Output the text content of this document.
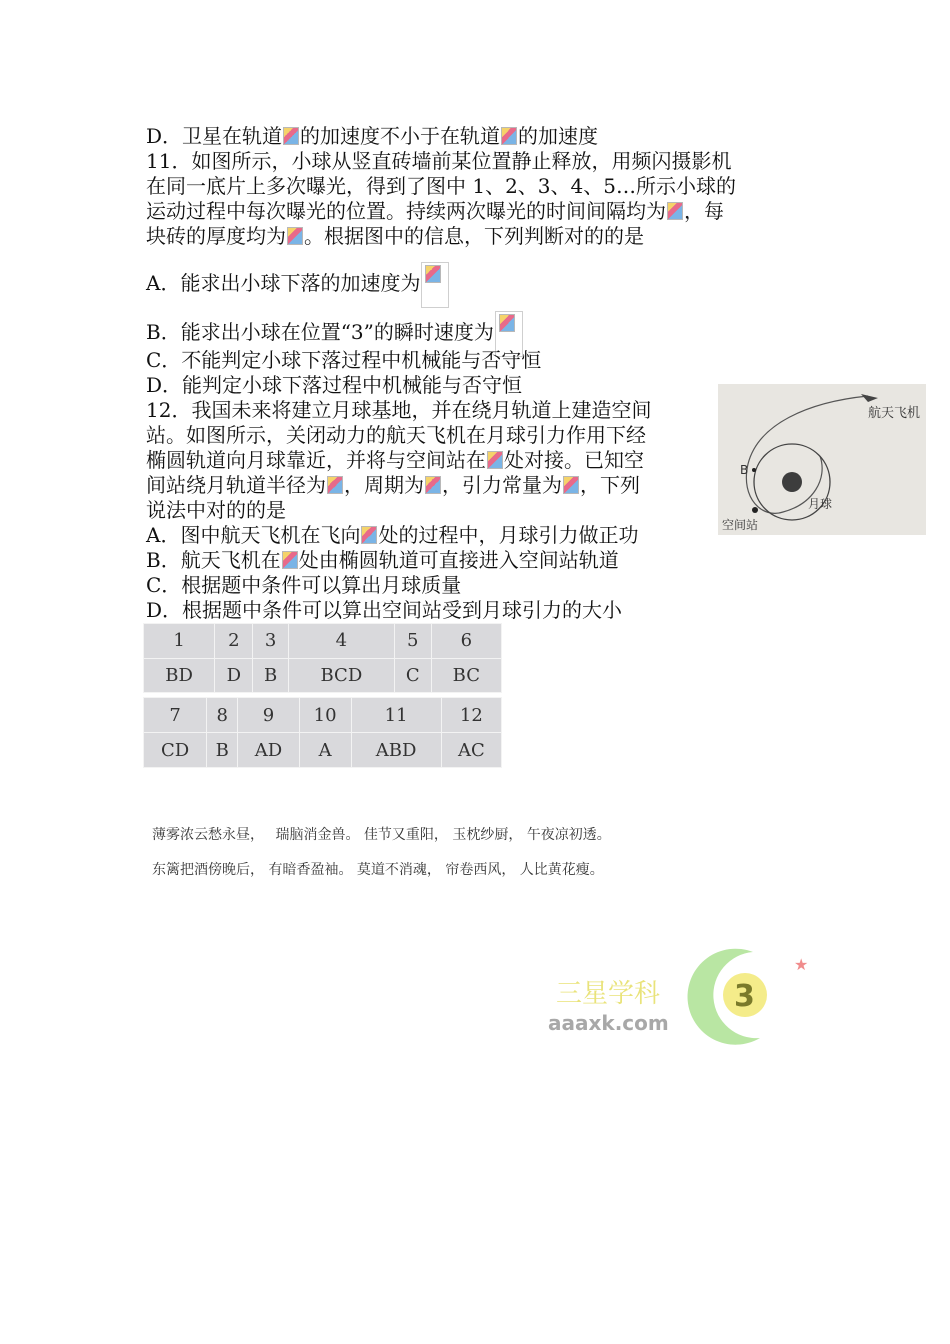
D．卫星在轨道 的加速度不小于在轨道 的加速度
11．如图所示，小球从竖直砖墙前某位置静止释放，用频闪摄影机
在同一底片上多次曝光，得到了图中 1、2、3、4、5…所示小球的
运动过程中每次曝光的位置。持续两次曝光的时间间隔均为 ，每
块砖的厚度均为 。根据图中的信息，下列判断对的的是
A．能求出小球下落的加速度为
B．能求出小球在位置“3”的瞬时速度为
C．不能判定小球下落过程中机械能与否守恒
D．能判定小球下落过程中机械能与否守恒
12．我国未来将建立月球基地，并在绕月轨道上建造空间
站。如图所示，关闭动力的航天飞机在月球引力作用下经
椭圆轨道向月球靠近，并将与空间站在 处对接。已知空
间站绕月轨道半径为 ，周期为 ，引力常量为 ，下列
说法中对的的是
A．图中航天飞机在飞向 处的过程中，月球引力做正功
B．航天飞机在 处由椭圆轨道可直接进入空间站轨道
C．根据题中条件可以算出月球质量
D．根据题中条件可以算出空间站受到月球引力的大小
航天飞机
月球
空间站
B
1	2	3	4	5	6
BD	D	B	BCD	C	BC
7	8	9	10	11	12
CD	B	AD	A	ABD	AC
薄雾浓云愁永昼，　 瑞脑消金兽。 佳节又重阳， 玉枕纱厨， 午夜凉初透。
东篱把酒傍晚后， 有暗香盈袖。 莫道不消魂， 帘卷西风， 人比黄花瘦。
3
★
三星学科
aaaxk.com
